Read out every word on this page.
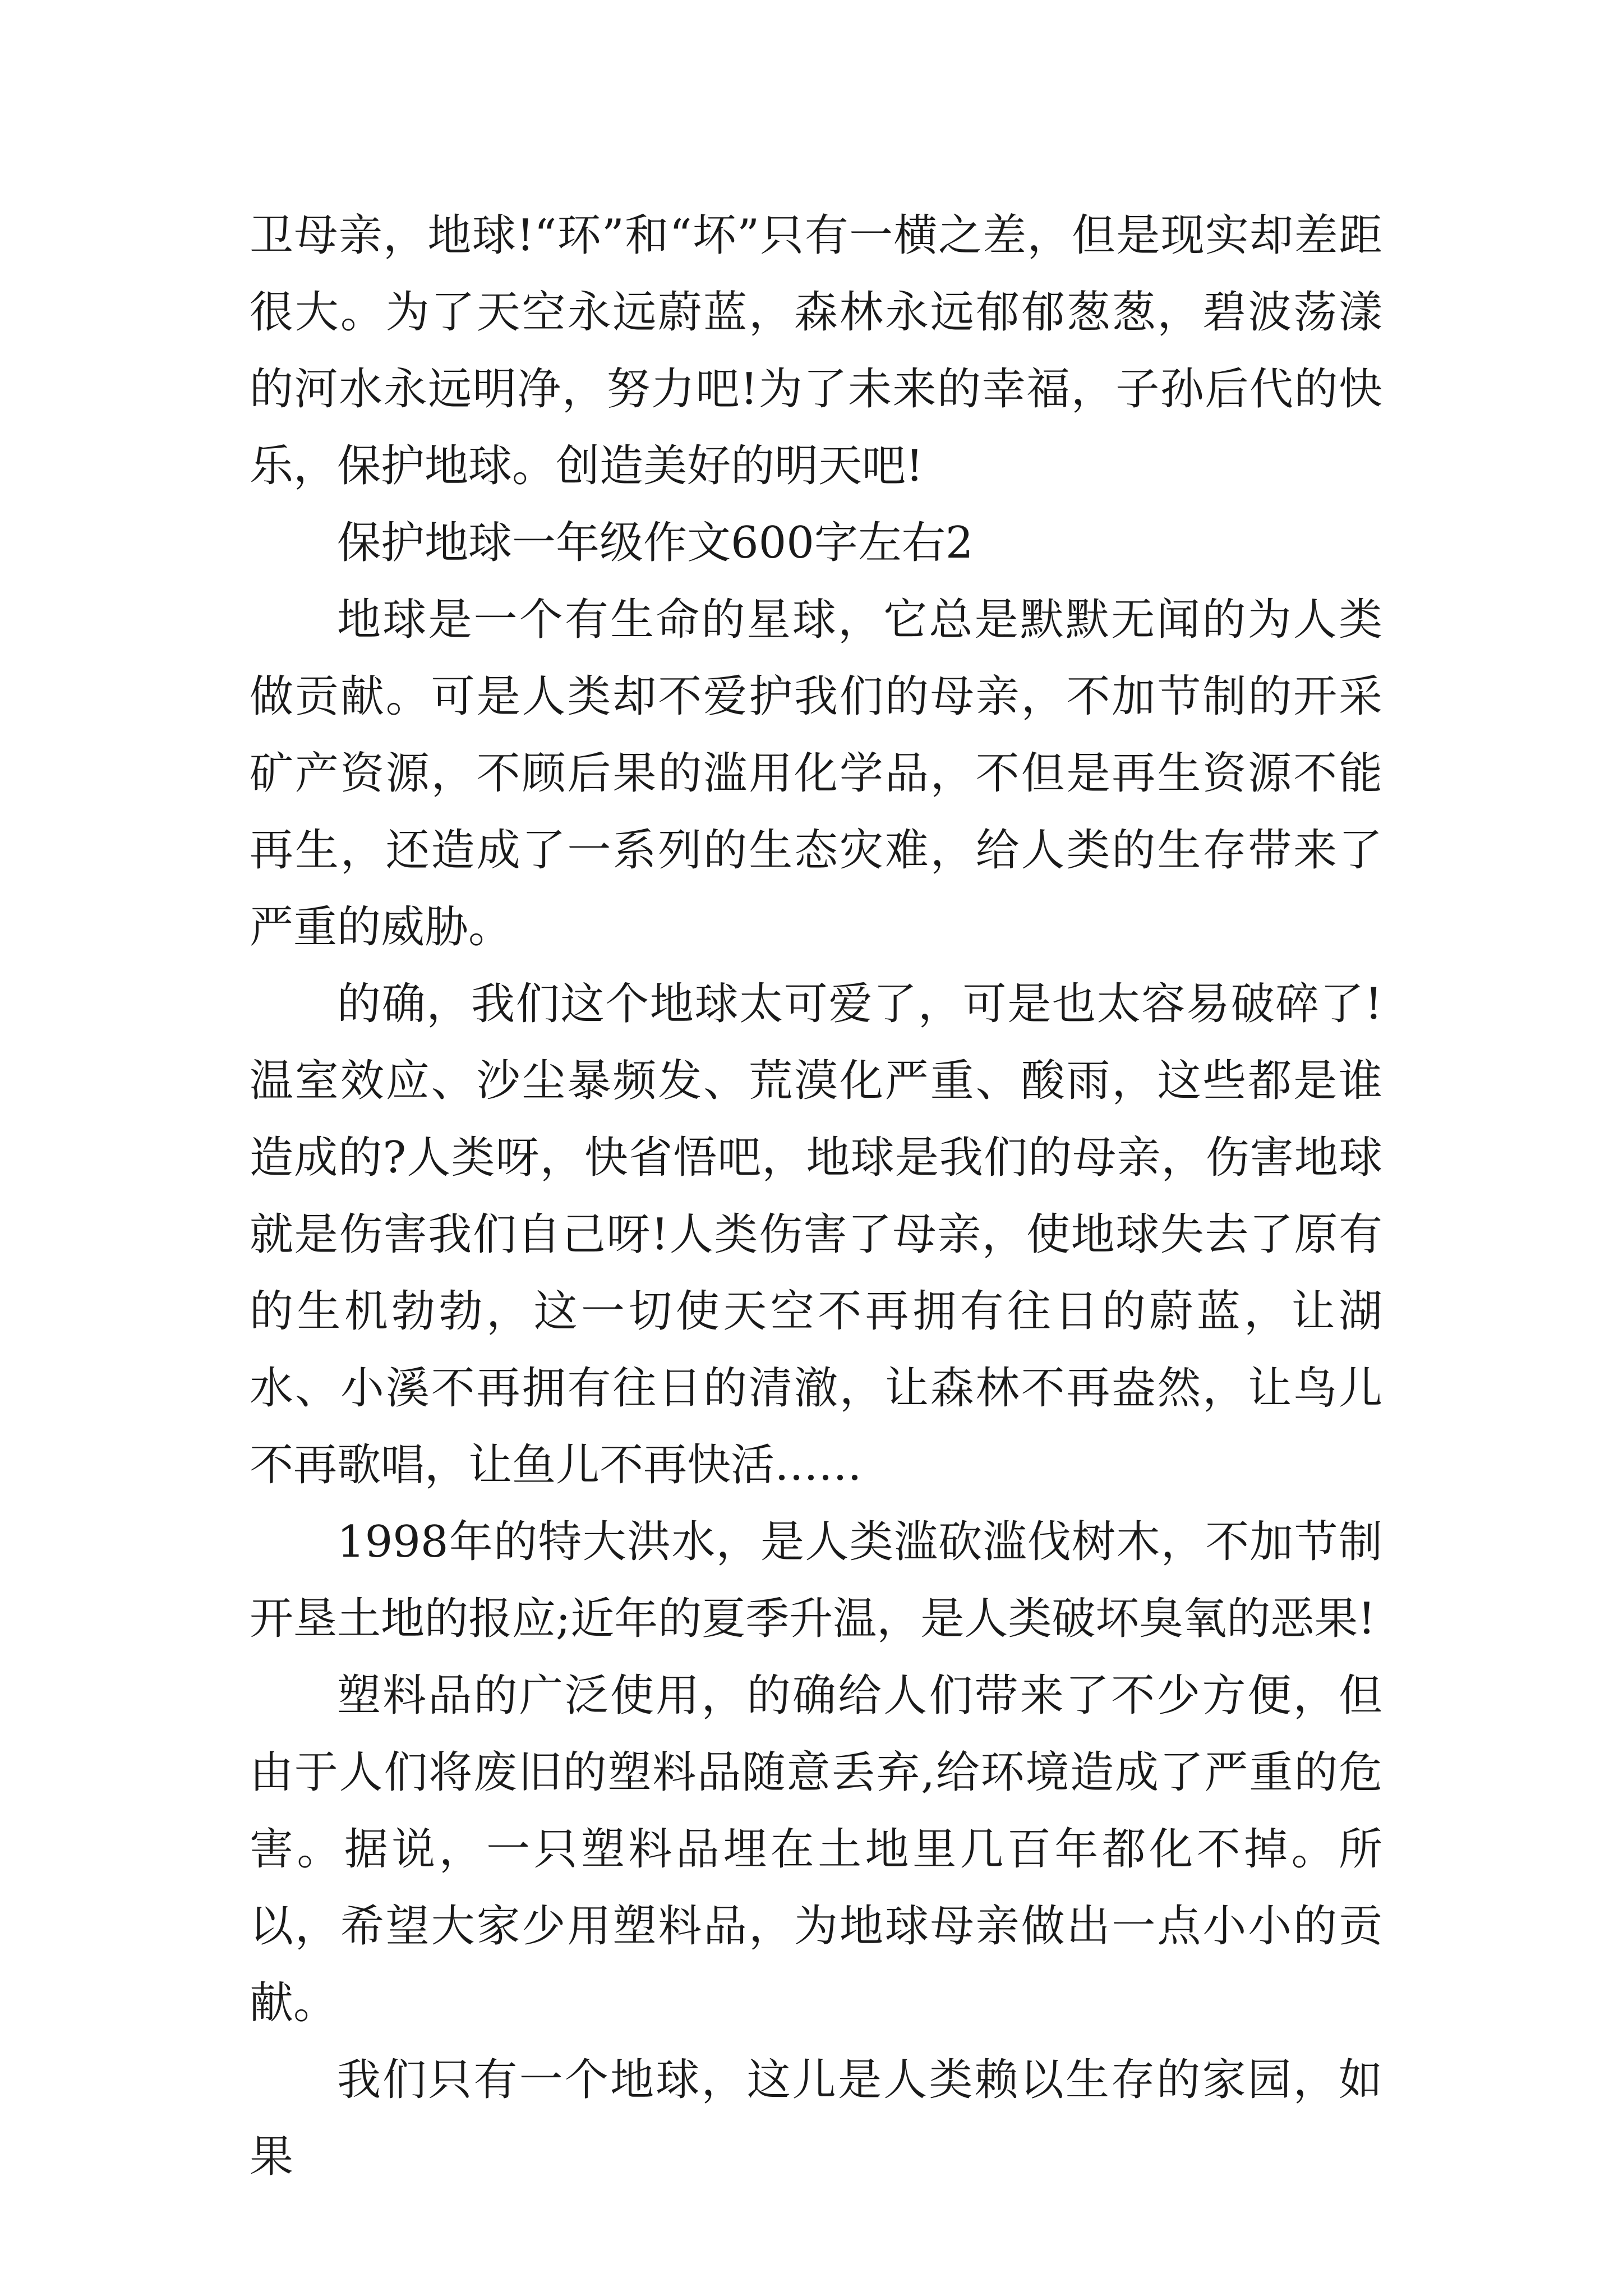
卫母亲，地球!“环”和“坏”只有一横之差，但是现实却差距很大。为了天空永远蔚蓝，森林永远郁郁葱葱，碧波荡漾的河水永远明净，努力吧!为了未来的幸福，子孙后代的快乐，保护地球。创造美好的明天吧!

保护地球一年级作文600字左右2

地球是一个有生命的星球，它总是默默无闻的为人类做贡献。可是人类却不爱护我们的母亲，不加节制的开采矿产资源，不顾后果的滥用化学品，不但是再生资源不能再生，还造成了一系列的生态灾难，给人类的生存带来了严重的威胁。

的确，我们这个地球太可爱了，可是也太容易破碎了!温室效应、沙尘暴频发、荒漠化严重、酸雨，这些都是谁造成的?人类呀，快省悟吧，地球是我们的母亲，伤害地球就是伤害我们自己呀!人类伤害了母亲，使地球失去了原有的生机勃勃，这一切使天空不再拥有往日的蔚蓝，让湖水、小溪不再拥有往日的清澈，让森林不再盎然，让鸟儿不再歌唱，让鱼儿不再快活……

1998年的特大洪水，是人类滥砍滥伐树木，不加节制开垦土地的报应;近年的夏季升温，是人类破坏臭氧的恶果!

塑料品的广泛使用，的确给人们带来了不少方便，但由于人们将废旧的塑料品随意丢弃,给环境造成了严重的危害。据说，一只塑料品埋在土地里几百年都化不掉。所以，希望大家少用塑料品，为地球母亲做出一点小小的贡献。

我们只有一个地球，这儿是人类赖以生存的家园，如果
